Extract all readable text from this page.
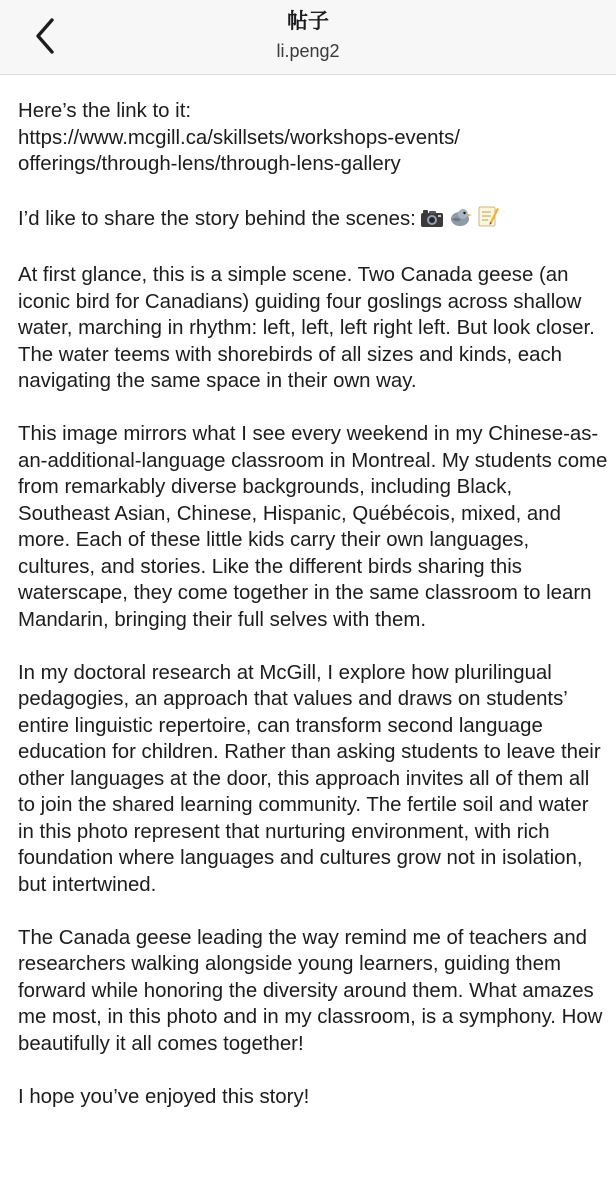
帖子
li.peng2

Here’s the link to it:
https://www.mcgill.ca/skillsets/workshops-events/
offerings/through-lens/through-lens-gallery

I’d like to share the story behind the scenes:

At first glance, this is a simple scene. Two Canada geese (an iconic bird for Canadians) guiding four goslings across shallow water, marching in rhythm: left, left, left right left. But look closer. The water teems with shorebirds of all sizes and kinds, each navigating the same space in their own way.

This image mirrors what I see every weekend in my Chinese-as-an-additional-language classroom in Montreal. My students come from remarkably diverse backgrounds, including Black, Southeast Asian, Chinese, Hispanic, Québécois, mixed, and more. Each of these little kids carry their own languages, cultures, and stories. Like the different birds sharing this waterscape, they come together in the same classroom to learn Mandarin, bringing their full selves with them.

In my doctoral research at McGill, I explore how plurilingual pedagogies, an approach that values and draws on students’ entire linguistic repertoire, can transform second language education for children. Rather than asking students to leave their other languages at the door, this approach invites all of them all to join the shared learning community. The fertile soil and water in this photo represent that nurturing environment, with rich foundation where languages and cultures grow not in isolation, but intertwined.

The Canada geese leading the way remind me of teachers and researchers walking alongside young learners, guiding them forward while honoring the diversity around them. What amazes me most, in this photo and in my classroom, is a symphony. How beautifully it all comes together!

I hope you’ve enjoyed this story!
